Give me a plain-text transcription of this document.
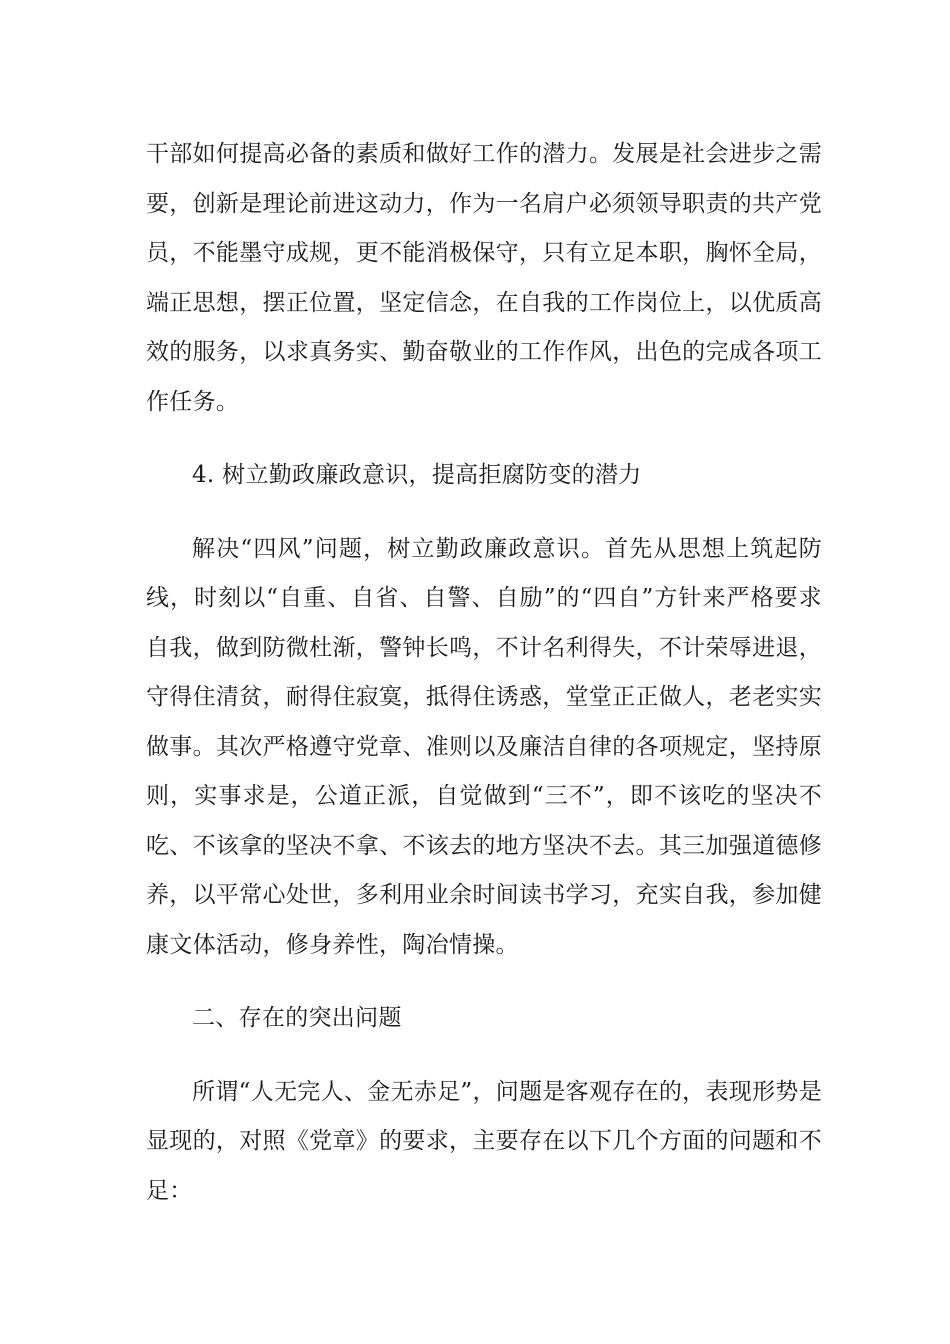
干部如何提高必备的素质和做好工作的潜力。发展是社会进步之需要，创新是理论前进这动力，作为一名肩户必须领导职责的共产党员，不能墨守成规，更不能消极保守，只有立足本职，胸怀全局，端正思想，摆正位置，坚定信念，在自我的工作岗位上，以优质高效的服务，以求真务实、勤奋敬业的工作作风，出色的完成各项工作任务。

4. 树立勤政廉政意识，提高拒腐防变的潜力

解决“四风”问题，树立勤政廉政意识。首先从思想上筑起防线，时刻以“自重、自省、自警、自励”的“四自”方针来严格要求自我，做到防微杜渐，警钟长鸣，不计名利得失，不计荣辱进退，守得住清贫，耐得住寂寞，抵得住诱惑，堂堂正正做人，老老实实做事。其次严格遵守党章、准则以及廉洁自律的各项规定，坚持原则，实事求是，公道正派，自觉做到“三不”，即不该吃的坚决不吃、不该拿的坚决不拿、不该去的地方坚决不去。其三加强道德修养，以平常心处世，多利用业余时间读书学习，充实自我，参加健康文体活动，修身养性，陶冶情操。

二、存在的突出问题

所谓“人无完人、金无赤足”，问题是客观存在的，表现形势是显现的，对照《党章》的要求，主要存在以下几个方面的问题和不足：
